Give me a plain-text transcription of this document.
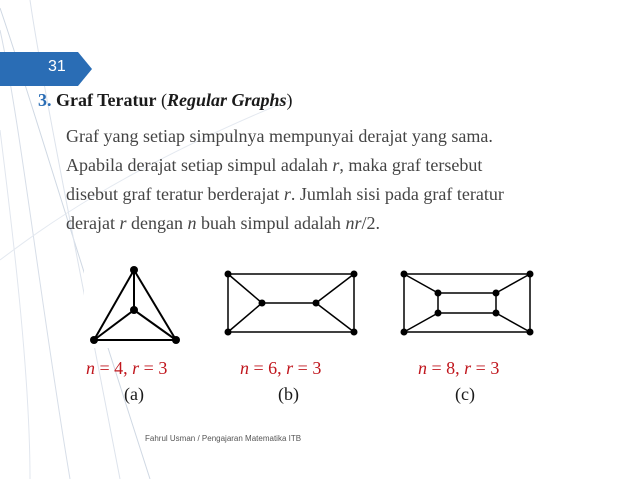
31
3. Graf Teratur (Regular Graphs)

Graf yang setiap simpulnya mempunyai derajat yang sama.

Apabila derajat setiap simpul adalah r, maka graf tersebut

disebut graf teratur berderajat r. Jumlah sisi pada graf teratur

derajat r dengan n buah simpul adalah nr/2.

n = 4, r = 3	n = 6, r = 3	n = 8, r = 3
(a)	(b)	(c)
Fahrul Usman / Pengajaran Matematika ITB
